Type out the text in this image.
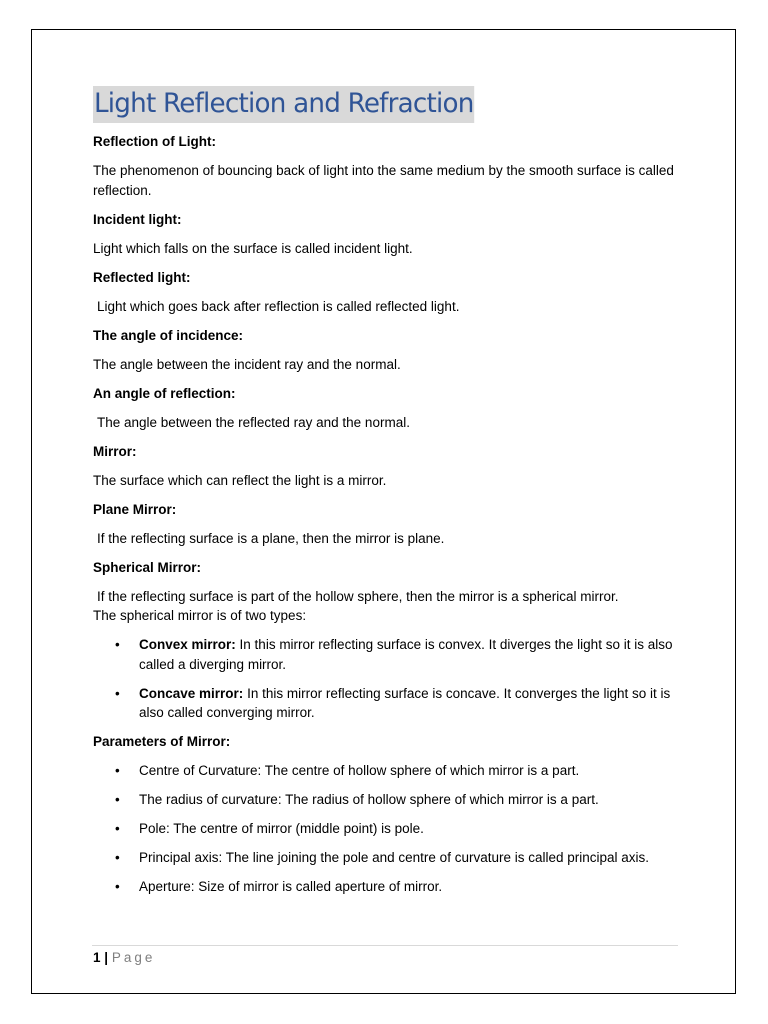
Light Reflection and Refraction
Reflection of Light:
The phenomenon of bouncing back of light into the same medium by the smooth surface is called reflection.
Incident light:
Light which falls on the surface is called incident light.
Reflected light:
Light which goes back after reflection is called reflected light.
The angle of incidence:
The angle between the incident ray and the normal.
An angle of reflection:
The angle between the reflected ray and the normal.
Mirror:
The surface which can reflect the light is a mirror.
Plane Mirror:
If the reflecting surface is a plane, then the mirror is plane.
Spherical Mirror:
If the reflecting surface is part of the hollow sphere, then the mirror is a spherical mirror.
The spherical mirror is of two types:
• Convex mirror: In this mirror reflecting surface is convex. It diverges the light so it is also called a diverging mirror.
• Concave mirror: In this mirror reflecting surface is concave. It converges the light so it is also called converging mirror.
Parameters of Mirror:
• Centre of Curvature: The centre of hollow sphere of which mirror is a part.
• The radius of curvature: The radius of hollow sphere of which mirror is a part.
• Pole: The centre of mirror (middle point) is pole.
• Principal axis: The line joining the pole and centre of curvature is called principal axis.
• Aperture: Size of mirror is called aperture of mirror.
1 | Page
